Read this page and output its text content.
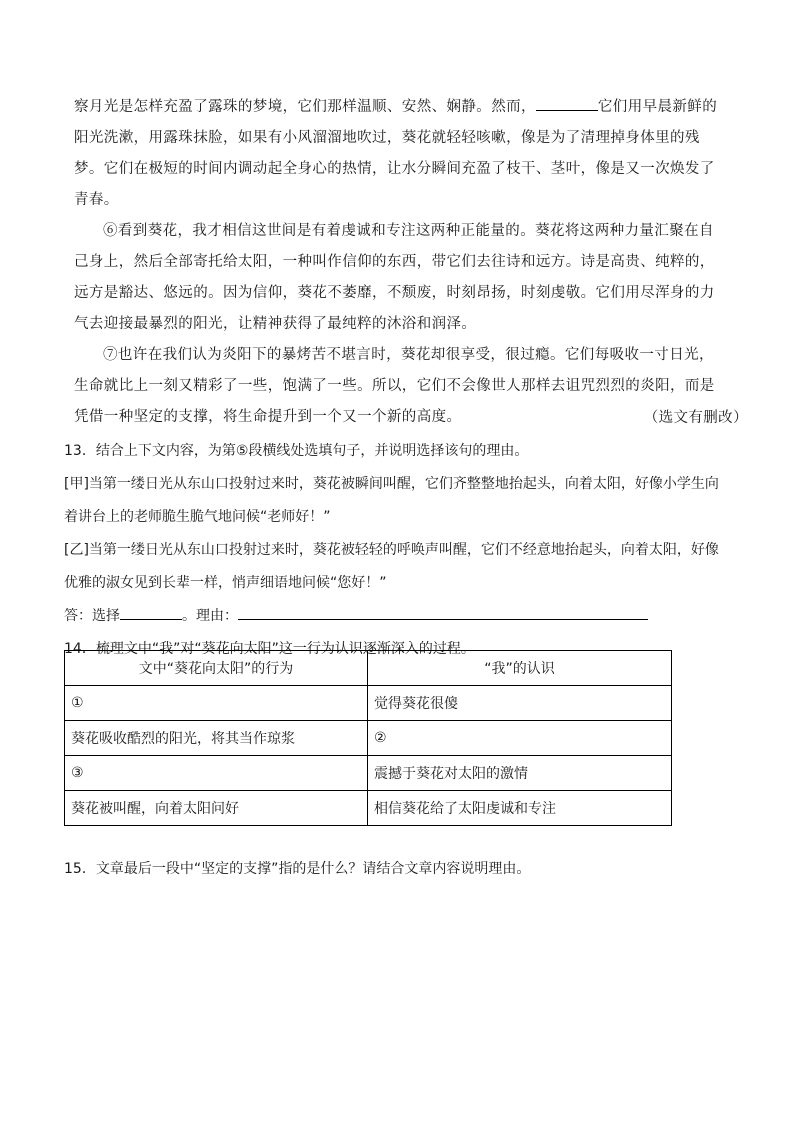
察月光是怎样充盈了露珠的梦境，它们那样温顺、安然、娴静。然而，	它们用早晨新鲜的阳光洗漱，用露珠抹脸，如果有小风溜溜地吹过，葵花就轻轻咳嗽，像是为了清理掉身体里的残梦。它们在极短的时间内调动起全身心的热情，让水分瞬间充盈了枝干、茎叶，像是又一次焕发了青春。

⑥看到葵花，我才相信这世间是有着虔诚和专注这两种正能量的。葵花将这两种力量汇聚在自己身上，然后全部寄托给太阳，一种叫作信仰的东西，带它们去往诗和远方。诗是高贵、纯粹的，远方是豁达、悠远的。因为信仰，葵花不萎靡，不颓废，时刻昂扬，时刻虔敬。它们用尽浑身的力气去迎接最暴烈的阳光，让精神获得了最纯粹的沐浴和润泽。

⑦也许在我们认为炎阳下的暴烤苦不堪言时，葵花却很享受，很过瘾。它们每吸收一寸日光，生命就比上一刻又精彩了一些，饱满了一些。所以，它们不会像世人那样去诅咒烈烈的炎阳，而是凭借一种坚定的支撑，将生命提升到一个又一个新的高度。	（选文有删改）

13．结合上下文内容，为第⑤段横线处选填句子，并说明选择该句的理由。

[甲]当第一缕日光从东山口投射过来时，葵花被瞬间叫醒，它们齐整整地抬起头，向着太阳，好像小学生向着讲台上的老师脆生脆气地问候“老师好！”

[乙]当第一缕日光从东山口投射过来时，葵花被轻轻的呼唤声叫醒，它们不经意地抬起头，向着太阳，好像优雅的淑女见到长辈一样，悄声细语地问候“您好！”

答：选择	。理由：

14．梳理文中“我”对“葵花向太阳”这一行为认识逐渐深入的过程。

文中“葵花向太阳”的行为	“我”的认识
①	觉得葵花很傻
葵花吸收酷烈的阳光，将其当作琼浆	②
③	震撼于葵花对太阳的激情
葵花被叫醒，向着太阳问好	相信葵花给了太阳虔诚和专注
15．文章最后一段中“坚定的支撑”指的是什么？请结合文章内容说明理由。
